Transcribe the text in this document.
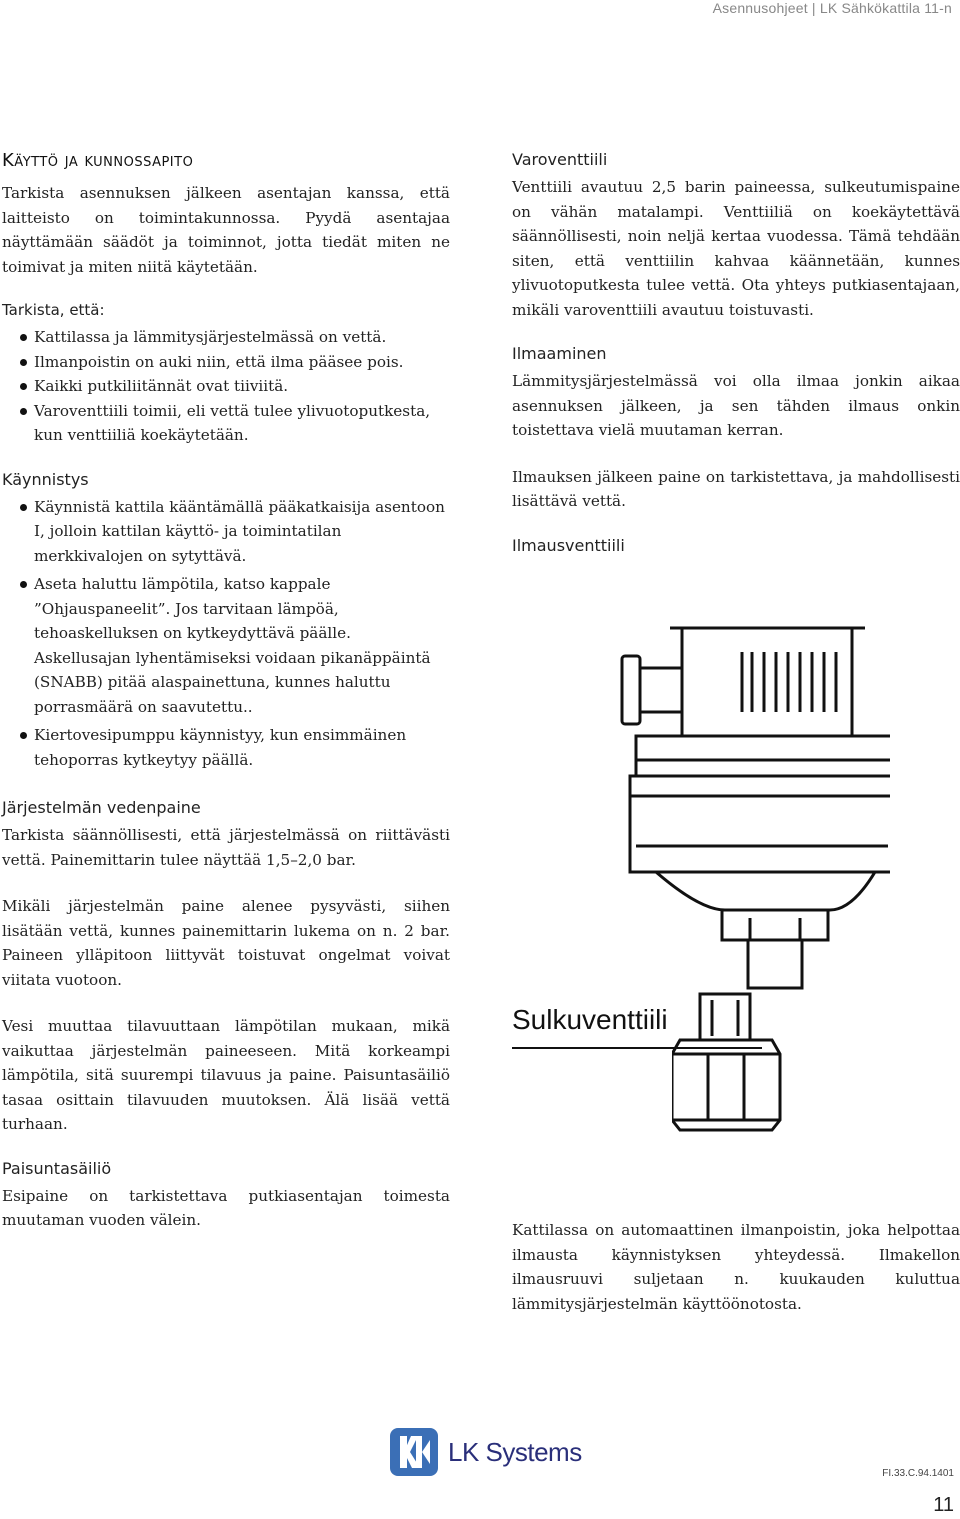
Asennusohjeet | LK Sähkökattila 11-n
Käyttö ja kunnossapito

Tarkista asennuksen jälkeen asentajan kanssa, että laitteisto on toimintakunnossa. Pyydä asentajaa näyttämään säädöt ja toiminnot, jotta tiedät miten ne toimivat ja miten niitä käytetään.

Tarkista, että:
Kattilassa ja lämmitysjärjestelmässä on vettä.
Ilmanpoistin on auki niin, että ilma pääsee pois.
Kaikki putkiliitännät ovat tiiviitä.
Varoventtiili toimii, eli vettä tulee ylivuotoputkesta, kun venttiiliä koekäytetään.
Käynnistys
Käynnistä kattila kääntämällä pääkatkaisija asentoon I, jolloin kattilan käyttö- ja toimintatilan merkkivalojen on sytyttävä.
Aseta haluttu lämpötila, katso kappale ”Ohjauspaneelit”. Jos tarvitaan lämpöä, tehoaskelluksen on kytkeydyttävä päälle. Askellusajan lyhentämiseksi voidaan pikanäppäintä (SNABB) pitää alaspainettuna, kunnes haluttu porrasmäärä on saavutettu..
Kiertovesipumppu käynnistyy, kun ensimmäinen tehoporras kytkeytyy päällä.
Järjestelmän vedenpaine

Tarkista säännöllisesti, että järjestelmässä on riittävästi vettä. Painemittarin tulee näyttää 1,5–2,0 bar.

Mikäli järjestelmän paine alenee pysyvästi, siihen lisätään vettä, kunnes painemittarin lukema on n. 2 bar. Paineen ylläpitoon liittyvät toistuvat ongelmat voivat viitata vuotoon.

Vesi muuttaa tilavuuttaan lämpötilan mukaan, mikä vaikuttaa järjestelmän paineeseen. Mitä korkeampi lämpötila, sitä suurempi tilavuus ja paine. Paisuntasäiliö tasaa osittain tilavuuden muutoksen. Älä lisää vettä turhaan.

Paisuntasäiliö

Esipaine on tarkistettava putkiasentajan toimesta muutaman vuoden välein.

Varoventtiili

Venttiili avautuu 2,5 barin paineessa, sulkeutumispaine on vähän matalampi. Venttiiliä on koekäytettävä säännöllisesti, noin neljä kertaa vuodessa. Tämä tehdään siten, että venttiilin kahvaa käännetään, kunnes ylivuotoputkesta tulee vettä. Ota yhteys putkiasentajaan, mikäli varoventtiili avautuu toistuvasti.

Ilmaaminen

Lämmitysjärjestelmässä voi olla ilmaa jonkin aikaa asennuksen jälkeen, ja sen tähden ilmaus onkin toistettava vielä muutaman kerran.

Ilmauksen jälkeen paine on tarkistettava, ja mahdollisesti lisättävä vettä.

Ilmausventtiili
Sulkuventtiili

Kattilassa on automaattinen ilmanpoistin, joka helpottaa ilmausta käynnistyksen yhteydessä. Ilmakellon ilmausruuvi suljetaan n. kuukauden kuluttua lämmitysjärjestelmän käyttöönotosta.

LK Systems
FI.33.C.94.1401
11
